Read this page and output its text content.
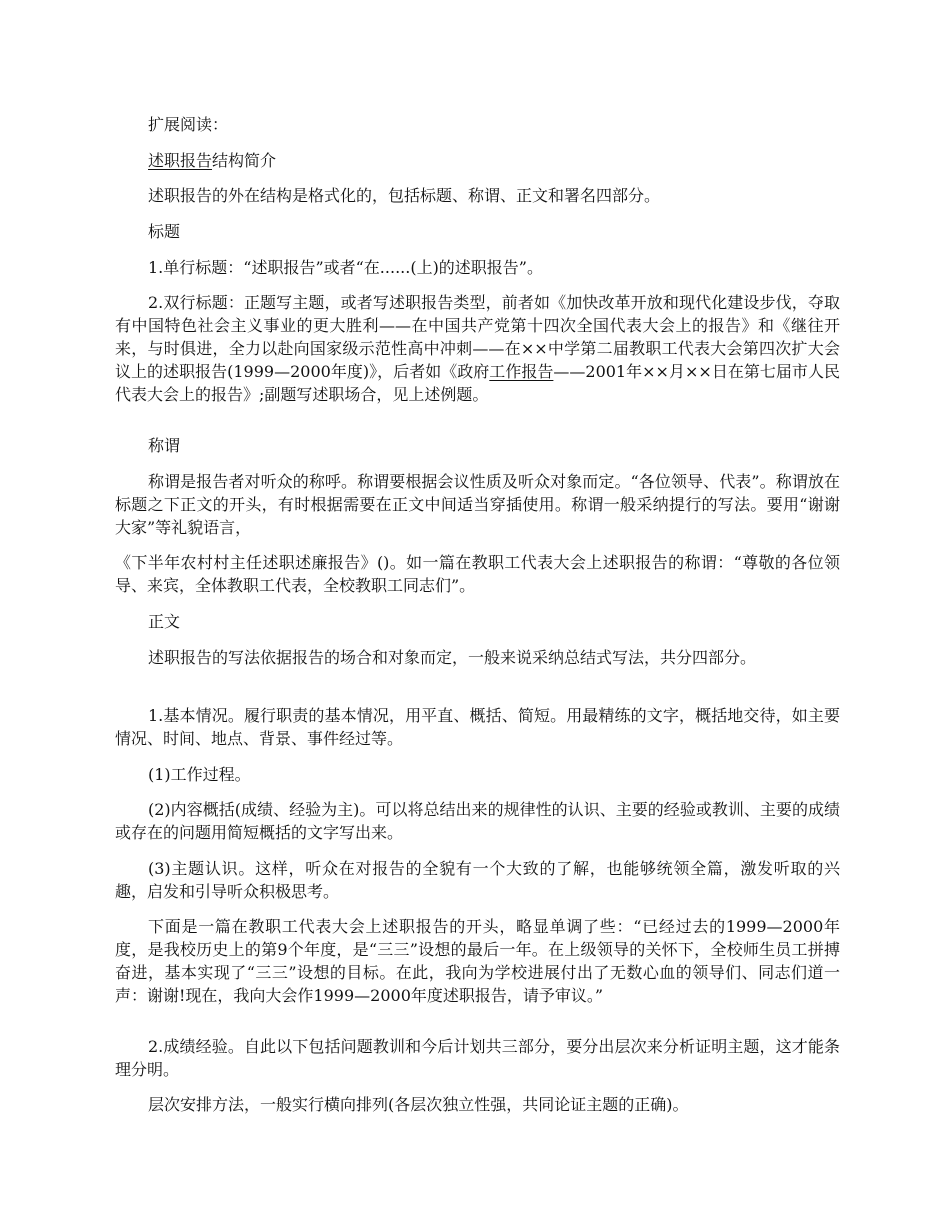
扩展阅读：

述职报告结构简介

述职报告的外在结构是格式化的，包括标题、称谓、正文和署名四部分。

标题

1.单行标题：“述职报告”或者“在......(上)的述职报告”。

2.双行标题：正题写主题，或者写述职报告类型，前者如《加快改革开放和现代化建设步伐，夺取有中国特色社会主义事业的更大胜利——在中国共产党第十四次全国代表大会上的报告》和《继往开来，与时俱进，全力以赴向国家级示范性高中冲刺——在××中学第二届教职工代表大会第四次扩大会议上的述职报告(1999—2000年度)》，后者如《政府工作报告——2001年××月××日在第七届市人民代表大会上的报告》;副题写述职场合，见上述例题。

称谓

称谓是报告者对听众的称呼。称谓要根据会议性质及听众对象而定。“各位领导、代表”。称谓放在标题之下正文的开头，有时根据需要在正文中间适当穿插使用。称谓一般采纳提行的写法。要用“谢谢大家”等礼貌语言，

《下半年农村村主任述职述廉报告》()。如一篇在教职工代表大会上述职报告的称谓：“尊敬的各位领导、来宾，全体教职工代表，全校教职工同志们”。

正文

述职报告的写法依据报告的场合和对象而定，一般来说采纳总结式写法，共分四部分。

1.基本情况。履行职责的基本情况，用平直、概括、简短。用最精练的文字，概括地交待，如主要情况、时间、地点、背景、事件经过等。

(1)工作过程。

(2)内容概括(成绩、经验为主)。可以将总结出来的规律性的认识、主要的经验或教训、主要的成绩或存在的问题用简短概括的文字写出来。

(3)主题认识。这样，听众在对报告的全貌有一个大致的了解，也能够统领全篇，激发听取的兴趣，启发和引导听众积极思考。

下面是一篇在教职工代表大会上述职报告的开头，略显单调了些：“已经过去的1999—2000年度，是我校历史上的第9个年度，是“三三”设想的最后一年。在上级领导的关怀下，全校师生员工拼搏奋进，基本实现了“三三”设想的目标。在此，我向为学校进展付出了无数心血的领导们、同志们道一声：谢谢!现在，我向大会作1999—2000年度述职报告，请予审议。”

2.成绩经验。自此以下包括问题教训和今后计划共三部分，要分出层次来分析证明主题，这才能条理分明。

层次安排方法，一般实行横向排列(各层次独立性强，共同论证主题的正确)。
